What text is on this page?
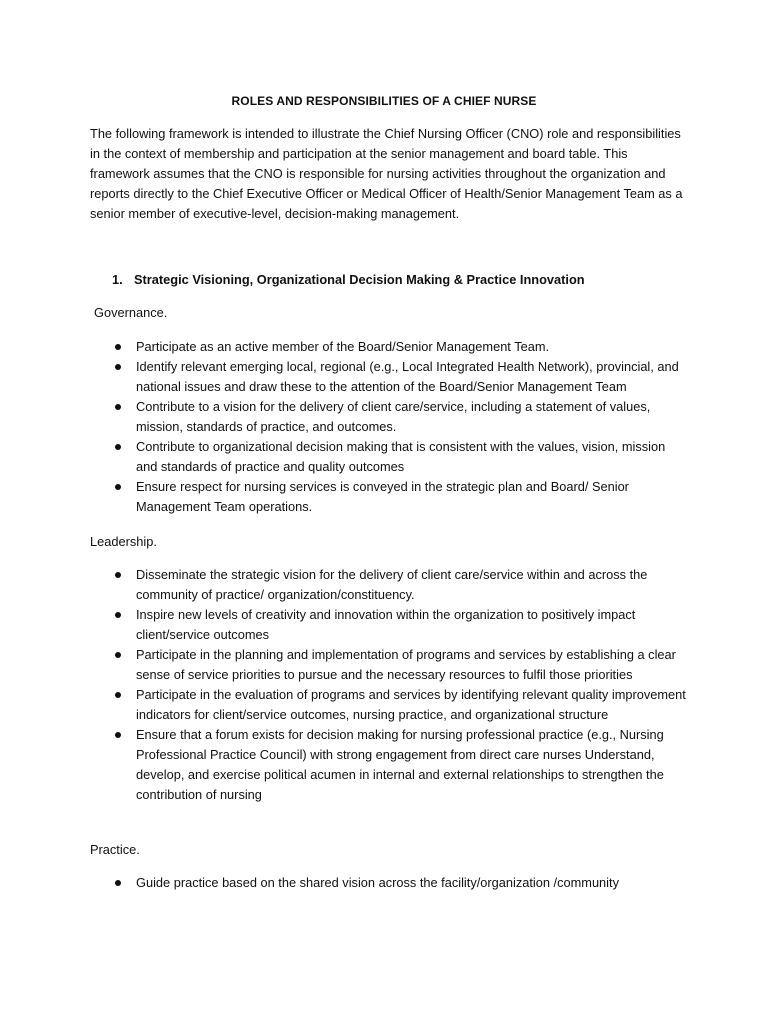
ROLES AND RESPONSIBILITIES OF A CHIEF NURSE

The following framework is intended to illustrate the Chief Nursing Officer (CNO) role and responsibilities in the context of membership and participation at the senior management and board table. This framework assumes that the CNO is responsible for nursing activities throughout the organization and reports directly to the Chief Executive Officer or Medical Officer of Health/Senior Management Team as a senior member of executive-level, decision-making management.

1. Strategic Visioning, Organizational Decision Making & Practice Innovation
Governance.
Participate as an active member of the Board/Senior Management Team.
Identify relevant emerging local, regional (e.g., Local Integrated Health Network), provincial, and national issues and draw these to the attention of the Board/Senior Management Team
Contribute to a vision for the delivery of client care/service, including a statement of values, mission, standards of practice, and outcomes.
Contribute to organizational decision making that is consistent with the values, vision, mission and standards of practice and quality outcomes
Ensure respect for nursing services is conveyed in the strategic plan and Board/ Senior Management Team operations.
Leadership.
Disseminate the strategic vision for the delivery of client care/service within and across the community of practice/ organization/constituency.
Inspire new levels of creativity and innovation within the organization to positively impact client/service outcomes
Participate in the planning and implementation of programs and services by establishing a clear sense of service priorities to pursue and the necessary resources to fulfil those priorities
Participate in the evaluation of programs and services by identifying relevant quality improvement indicators for client/service outcomes, nursing practice, and organizational structure
Ensure that a forum exists for decision making for nursing professional practice (e.g., Nursing Professional Practice Council) with strong engagement from direct care nurses Understand, develop, and exercise political acumen in internal and external relationships to strengthen the contribution of nursing
Practice.
Guide practice based on the shared vision across the facility/organization /community
